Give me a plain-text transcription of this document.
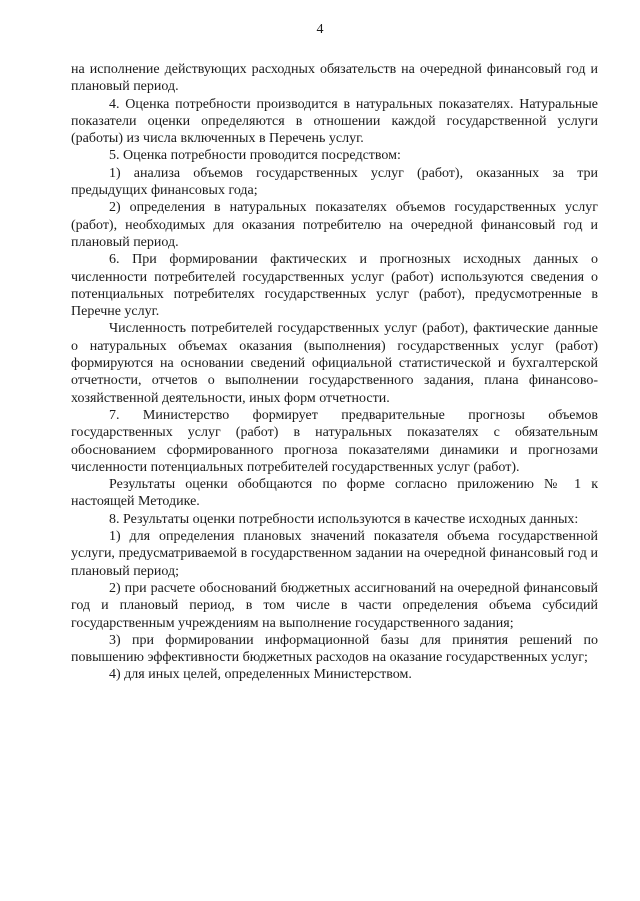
4

на исполнение действующих расходных обязательств на очередной финансовый год и плановый период.

4. Оценка потребности производится в натуральных показателях. Натуральные показатели оценки определяются в отношении каждой государственной услуги (работы) из числа включенных в Перечень услуг.

5. Оценка потребности проводится посредством:

1) анализа объемов государственных услуг (работ), оказанных за три предыдущих финансовых года;

2) определения в натуральных показателях объемов государственных услуг (работ), необходимых для оказания потребителю на очередной финансовый год и плановый период.

6. При формировании фактических и прогнозных исходных данных о численности потребителей государственных услуг (работ) используются сведения о потенциальных потребителях государственных услуг (работ), предусмотренные в Перечне услуг.

Численность потребителей государственных услуг (работ), фактические данные о натуральных объемах оказания (выполнения) государственных услуг (работ) формируются на основании сведений официальной статистической и бухгалтерской отчетности, отчетов о выполнении государственного задания, плана финансово-хозяйственной деятельности, иных форм отчетности.

7. Министерство формирует предварительные прогнозы объемов государственных услуг (работ) в натуральных показателях с обязательным обоснованием сформированного прогноза показателями динамики и прогнозами численности потенциальных потребителей государственных услуг (работ).

Результаты оценки обобщаются по форме согласно приложению № 1 к настоящей Методике.

8. Результаты оценки потребности используются в качестве исходных данных:

1) для определения плановых значений показателя объема государственной услуги, предусматриваемой в государственном задании на очередной финансовый год и плановый период;

2) при расчете обоснований бюджетных ассигнований на очередной финансовый год и плановый период, в том числе в части определения объема субсидий государственным учреждениям на выполнение государственного задания;

3) при формировании информационной базы для принятия решений по повышению эффективности бюджетных расходов на оказание государственных услуг;

4) для иных целей, определенных Министерством.
